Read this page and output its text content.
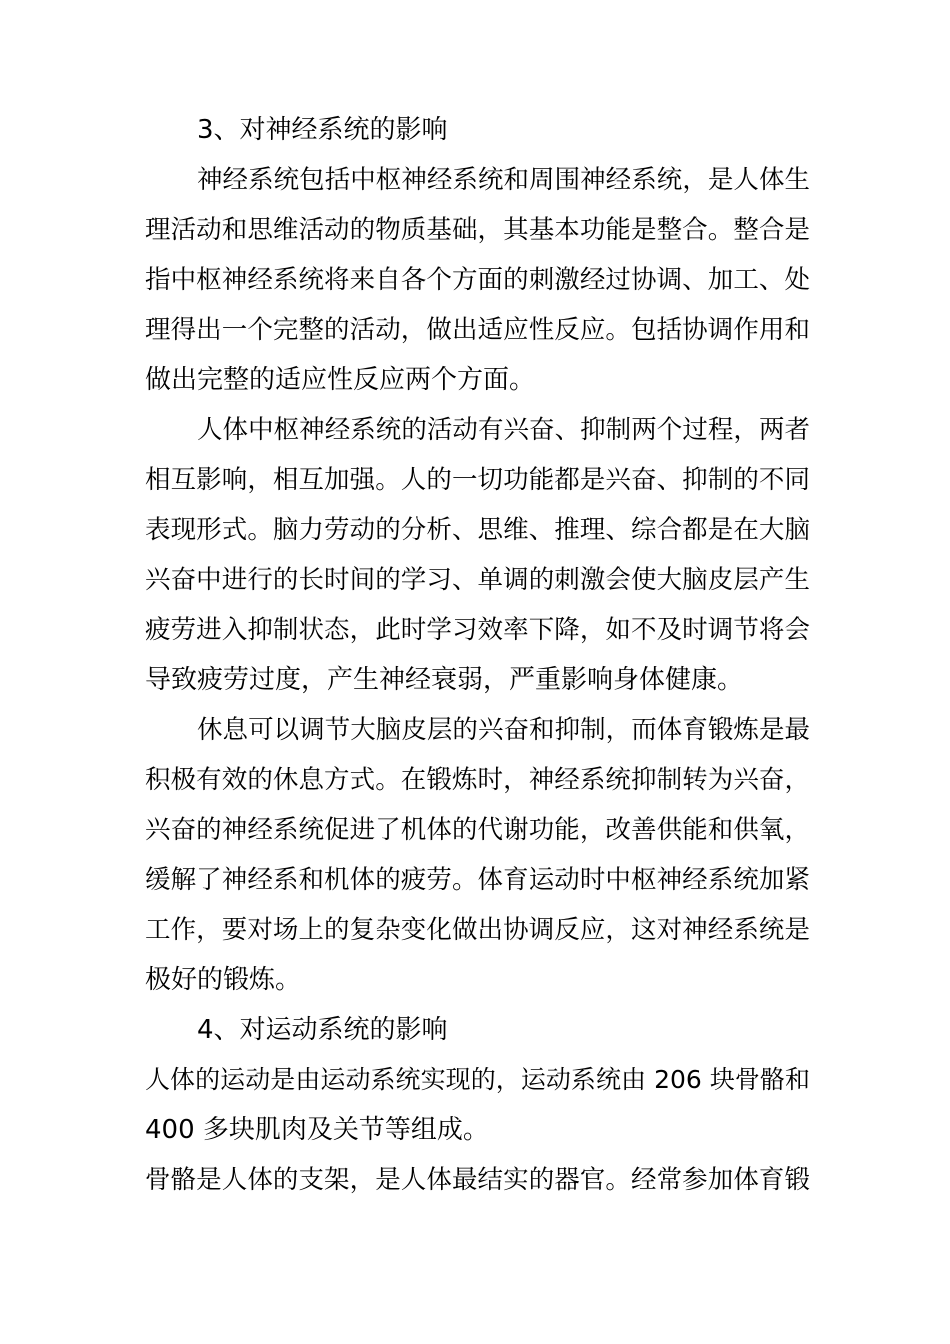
3、对神经系统的影响
神经系统包括中枢神经系统和周围神经系统，是人体生
理活动和思维活动的物质基础，其基本功能是整合。整合是
指中枢神经系统将来自各个方面的刺激经过协调、加工、处
理得出一个完整的活动，做出适应性反应。包括协调作用和
做出完整的适应性反应两个方面。
人体中枢神经系统的活动有兴奋、抑制两个过程，两者
相互影响，相互加强。人的一切功能都是兴奋、抑制的不同
表现形式。脑力劳动的分析、思维、推理、综合都是在大脑
兴奋中进行的长时间的学习、单调的刺激会使大脑皮层产生
疲劳进入抑制状态，此时学习效率下降，如不及时调节将会
导致疲劳过度，产生神经衰弱，严重影响身体健康。
休息可以调节大脑皮层的兴奋和抑制，而体育锻炼是最
积极有效的休息方式。在锻炼时，神经系统抑制转为兴奋，
兴奋的神经系统促进了机体的代谢功能，改善供能和供氧，
缓解了神经系和机体的疲劳。体育运动时中枢神经系统加紧
工作，要对场上的复杂变化做出协调反应，这对神经系统是
极好的锻炼。
4、对运动系统的影响
人体的运动是由运动系统实现的，运动系统由 206 块骨骼和
400 多块肌肉及关节等组成。
骨骼是人体的支架，是人体最结实的器官。经常参加体育锻
